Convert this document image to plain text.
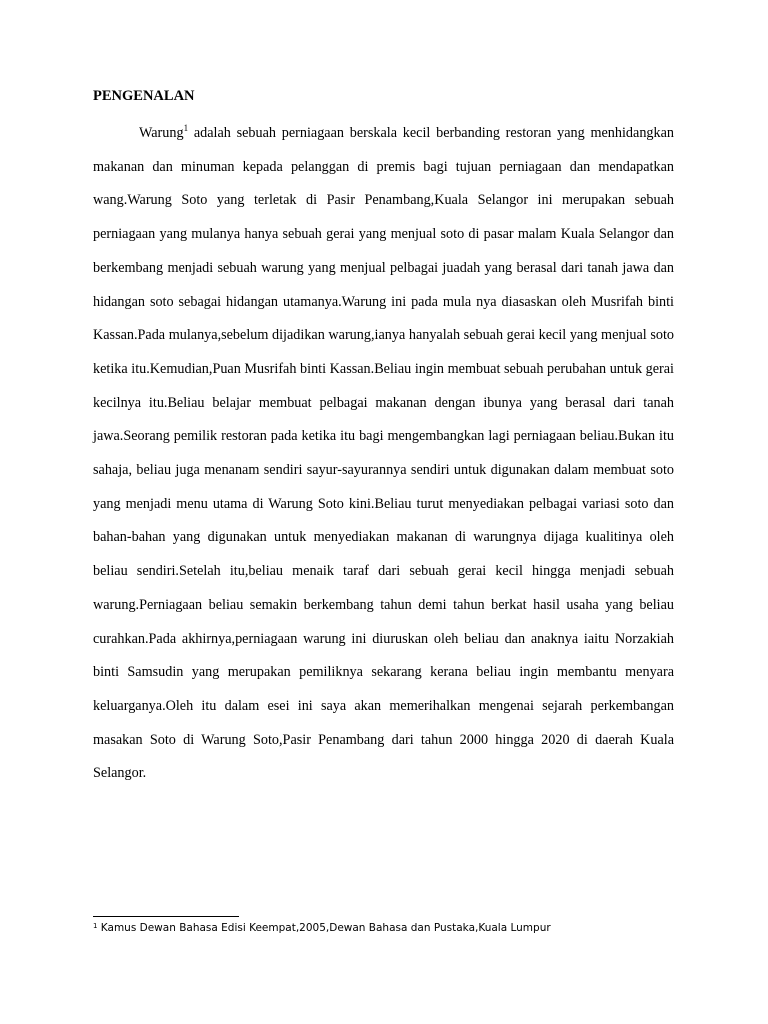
PENGENALAN

Warung$^1$ adalah sebuah perniagaan berskala kecil berbanding restoran yang menhidangkan makanan dan minuman kepada pelanggan di premis bagi tujuan perniagaan dan mendapatkan wang.Warung Soto yang terletak di Pasir Penambang,Kuala Selangor ini merupakan sebuah perniagaan yang mulanya hanya sebuah gerai yang menjual soto di pasar malam Kuala Selangor dan berkembang menjadi sebuah warung yang menjual pelbagai juadah yang berasal dari tanah jawa dan hidangan soto sebagai hidangan utamanya.Warung ini pada mula nya diasaskan oleh Musrifah binti Kassan.Pada mulanya,sebelum dijadikan warung,ianya hanyalah sebuah gerai kecil yang menjual soto ketika itu.Kemudian,Puan Musrifah binti Kassan.Beliau ingin membuat sebuah perubahan untuk gerai kecilnya itu.Beliau belajar membuat pelbagai makanan dengan ibunya yang berasal dari tanah jawa.Seorang pemilik restoran pada ketika itu bagi mengembangkan lagi perniagaan beliau.Bukan itu sahaja, beliau juga menanam sendiri sayur-sayurannya sendiri untuk digunakan dalam membuat soto yang menjadi menu utama di Warung Soto kini.Beliau turut menyediakan pelbagai variasi soto dan bahan-bahan yang digunakan untuk menyediakan makanan di warungnya dijaga kualitinya oleh beliau sendiri.Setelah itu,beliau menaik taraf dari sebuah gerai kecil hingga menjadi sebuah warung.Perniagaan beliau semakin berkembang tahun demi tahun berkat hasil usaha yang beliau curahkan.Pada akhirnya,perniagaan warung ini diuruskan oleh beliau dan anaknya iaitu Norzakiah binti Samsudin yang merupakan pemiliknya sekarang kerana beliau ingin membantu menyara keluarganya.Oleh itu dalam esei ini saya akan memerihalkan mengenai sejarah perkembangan masakan Soto di Warung Soto,Pasir Penambang dari tahun 2000 hingga 2020 di daerah Kuala Selangor.

$^1$ Kamus Dewan Bahasa Edisi Keempat,2005,Dewan Bahasa dan Pustaka,Kuala Lumpur
